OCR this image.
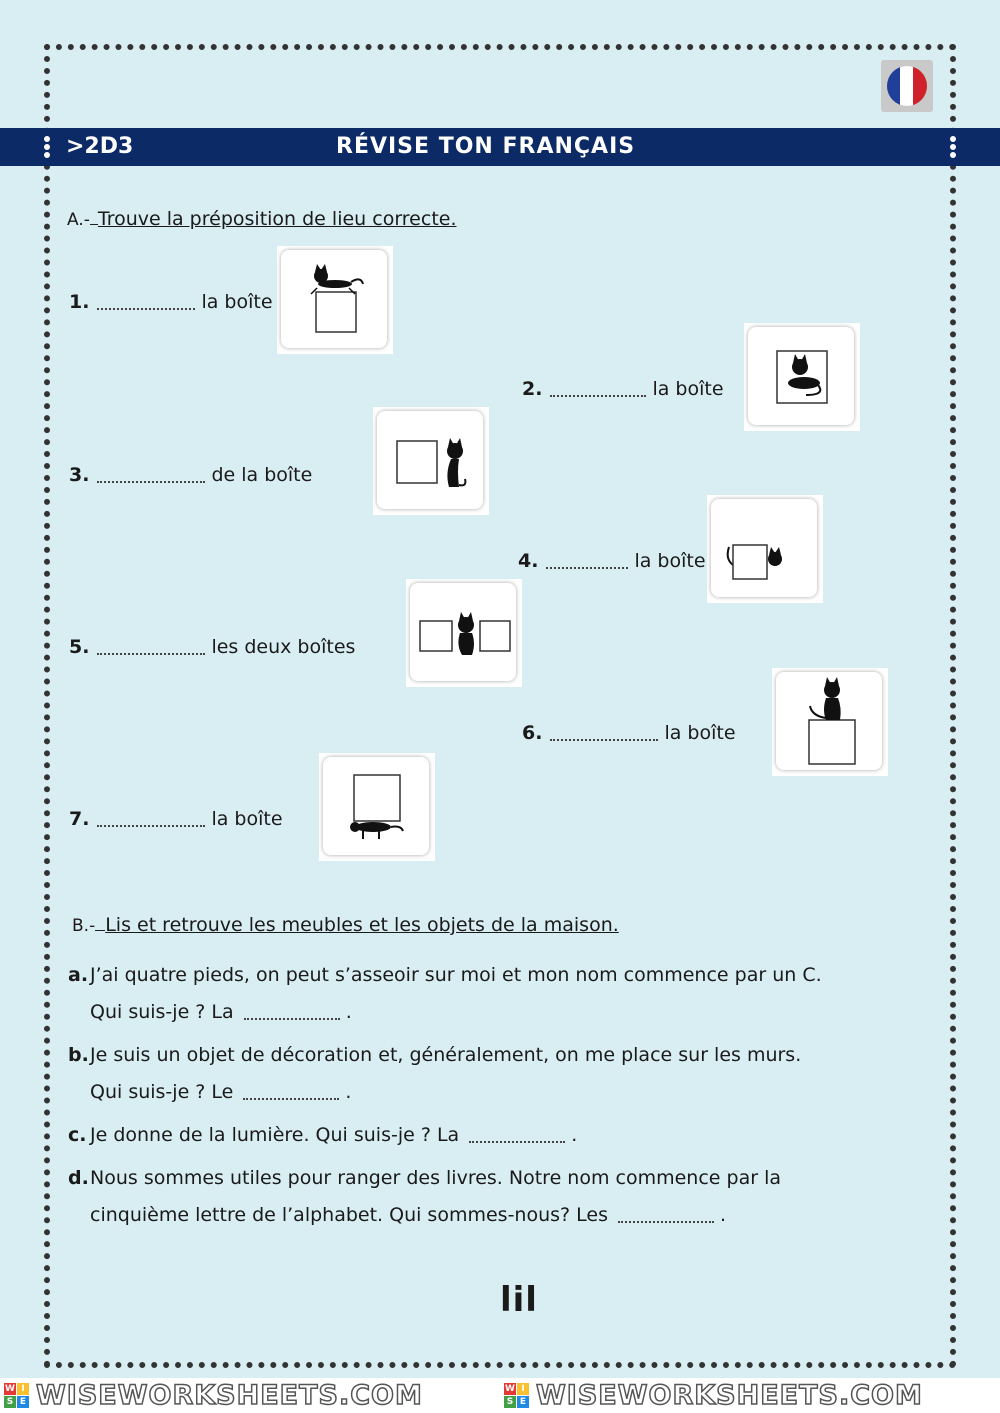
>2D3	RÉVISE TON FRANÇAIS
A.- Trouve la préposition de lieu correcte.
1.	la boîte
2.	la boîte
3.	de la boîte
4.	la boîte
5.	les deux boîtes
6.	la boîte
7.	la boîte
B.- Lis et retrouve les meubles et les objets de la maison.
a. J’ai quatre pieds, on peut s’asseoir sur moi et mon nom commence par un C.
Qui suis-je ? La	.
b.Je suis un objet de décoration et, généralement, on me place sur les murs.
Qui suis-je ? Le	.
c. Je donne de la lumière. Qui suis-je ? La	.
d.Nous sommes utiles pour ranger des livres. Notre nom commence par la
cinquième lettre de l’alphabet. Qui sommes-nous? Les	.
lil
W I
S E WISEWORKSHEETS.COM	W I
S E WISEWORKSHEETS.COM
